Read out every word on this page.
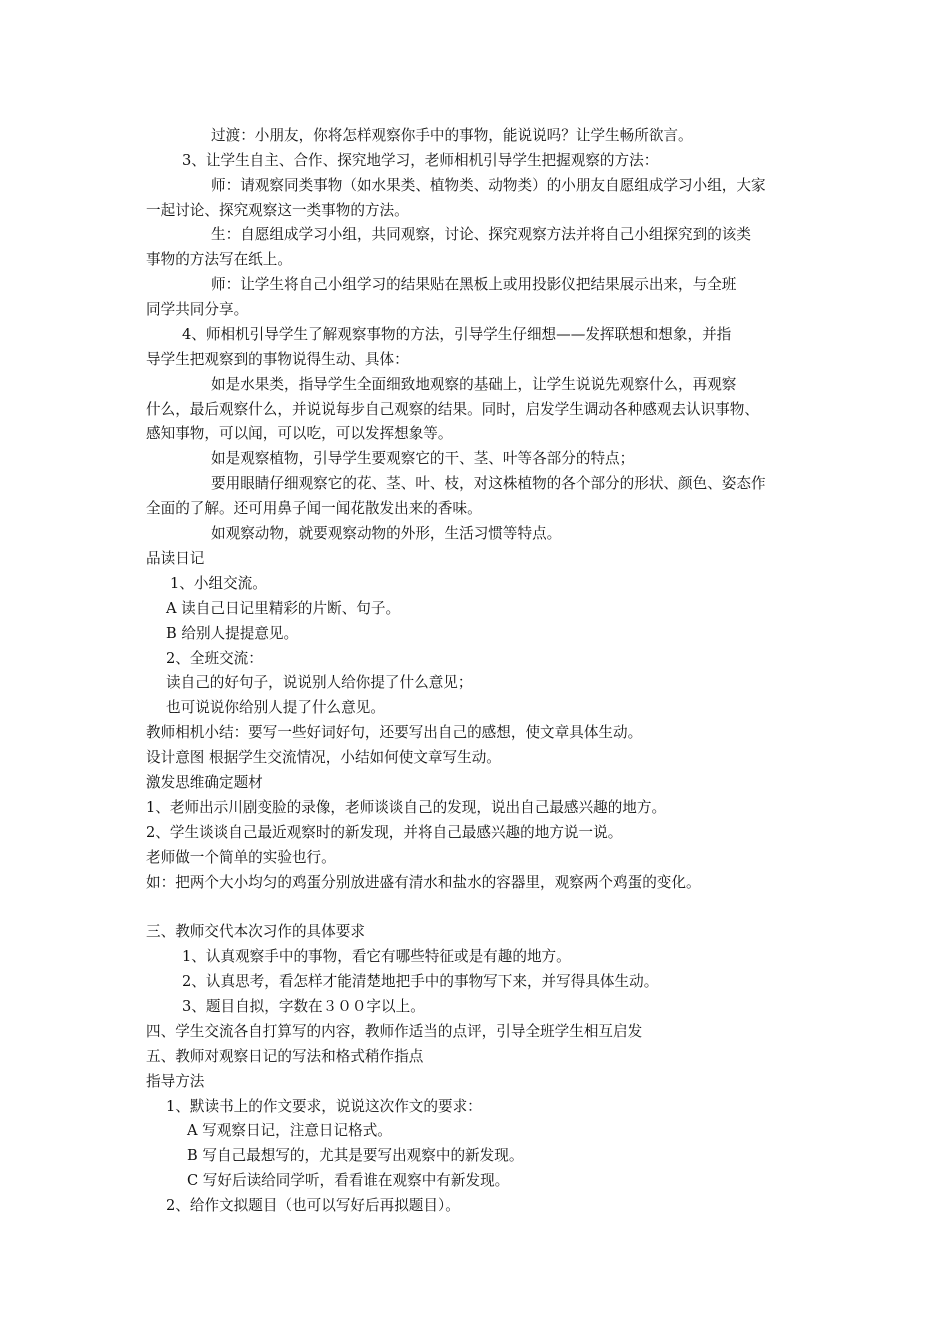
过渡：小朋友，你将怎样观察你手中的事物，能说说吗？让学生畅所欲言。
3、让学生自主、合作、探究地学习，老师相机引导学生把握观察的方法：
师：请观察同类事物（如水果类、植物类、动物类）的小朋友自愿组成学习小组，大家
一起讨论、探究观察这一类事物的方法。
生：自愿组成学习小组，共同观察，讨论、探究观察方法并将自己小组探究到的该类
事物的方法写在纸上。
师：让学生将自己小组学习的结果贴在黑板上或用投影仪把结果展示出来，与全班
同学共同分享。
4、师相机引导学生了解观察事物的方法，引导学生仔细想——发挥联想和想象，并指
导学生把观察到的事物说得生动、具体：
如是水果类，指导学生全面细致地观察的基础上，让学生说说先观察什么，再观察
什么，最后观察什么，并说说每步自己观察的结果。同时，启发学生调动各种感观去认识事物、
感知事物，可以闻，可以吃，可以发挥想象等。
如是观察植物，引导学生要观察它的干、茎、叶等各部分的特点；
要用眼睛仔细观察它的花、茎、叶、枝，对这株植物的各个部分的形状、颜色、姿态作
全面的了解。还可用鼻子闻一闻花散发出来的香味。
如观察动物，就要观察动物的外形，生活习惯等特点。
品读日记
1、小组交流。
A 读自己日记里精彩的片断、句子。
B 给别人提提意见。
2、全班交流：
读自己的好句子，说说别人给你提了什么意见；
也可说说你给别人提了什么意见。
教师相机小结：要写一些好词好句，还要写出自己的感想，使文章具体生动。
设计意图 根据学生交流情况，小结如何使文章写生动。
激发思维确定题材
1、老师出示川剧变脸的录像，老师谈谈自己的发现，说出自己最感兴趣的地方。
2、学生谈谈自己最近观察时的新发现，并将自己最感兴趣的地方说一说。
老师做一个简单的实验也行。
如：把两个大小均匀的鸡蛋分别放进盛有清水和盐水的容器里，观察两个鸡蛋的变化。
三、教师交代本次习作的具体要求
1、认真观察手中的事物，看它有哪些特征或是有趣的地方。
2、认真思考，看怎样才能清楚地把手中的事物写下来，并写得具体生动。
3、题目自拟，字数在３００字以上。
四、学生交流各自打算写的内容，教师作适当的点评，引导全班学生相互启发
五、教师对观察日记的写法和格式稍作指点
指导方法
1、默读书上的作文要求，说说这次作文的要求：
A 写观察日记，注意日记格式。
B 写自己最想写的，尤其是要写出观察中的新发现。
C 写好后读给同学听，看看谁在观察中有新发现。
2、给作文拟题目（也可以写好后再拟题目）。
